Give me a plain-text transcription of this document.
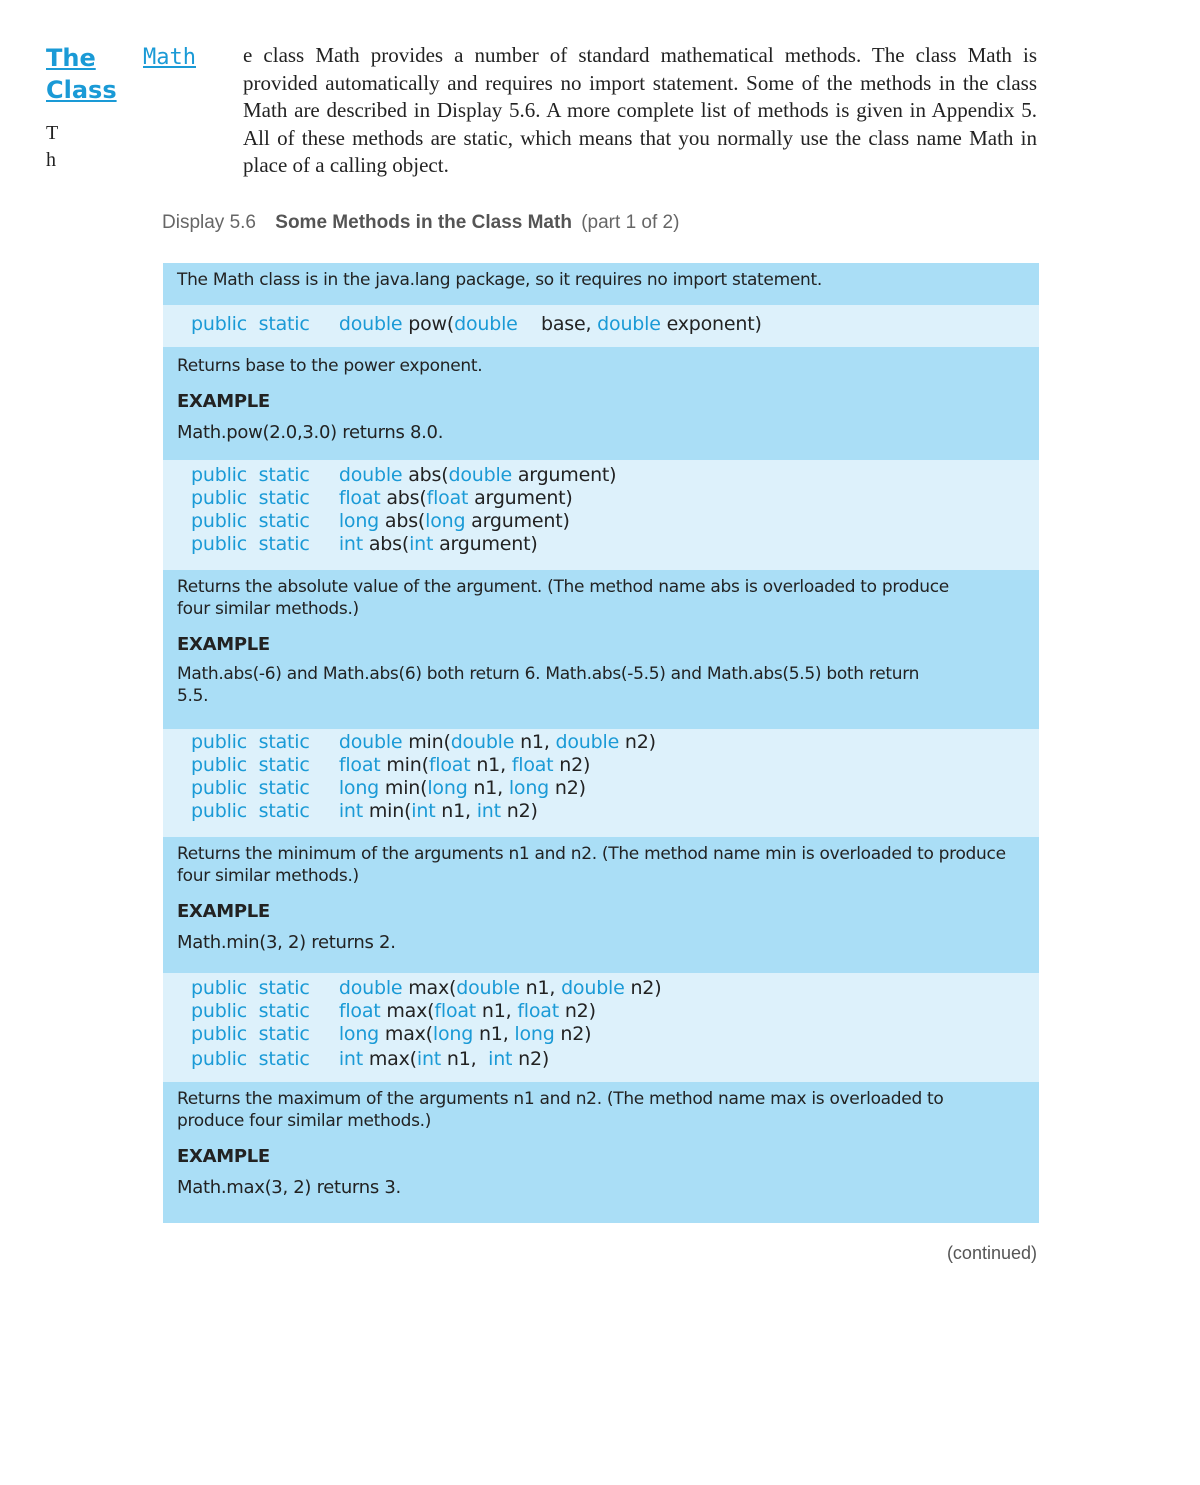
The Math
Class
T
h

e class Math provides a number of standard mathematical methods. The class Math is provided automatically and requires no import statement. Some of the methods in the class Math are described in Display 5.6. A more complete list of methods is given in Appendix 5. All of these methods are static, which means that you normally use the class name Math in place of a calling object.

Display 5.6 Some Methods in the Class Math (part 1 of 2)
The Math class is in the java.lang package, so it requires no import statement.
public static double pow(double    base, double exponent)
Returns base to the power exponent.
EXAMPLE
Math.pow(2.0,3.0) returns 8.0.
public static double abs(double argument)
public static float abs(float argument)
public static long abs(long argument)
public static int abs(int argument)
Returns the absolute value of the argument. (The method name abs is overloaded to produce four similar methods.)
EXAMPLE
Math.abs(-6) and Math.abs(6) both return 6. Math.abs(-5.5) and Math.abs(5.5) both return 5.5.
public static double min(double n1, double n2)
public static float min(float n1, float n2)
public static long min(long n1, long n2)
public static int min(int n1, int n2)
Returns the minimum of the arguments n1 and n2. (The method name min is overloaded to produce four similar methods.)
EXAMPLE
Math.min(3, 2) returns 2.
public static double max(double n1, double n2)
public static float max(float n1, float n2)
public static long max(long n1, long n2)
public static int max(int n1,  int n2)
Returns the maximum of the arguments n1 and n2. (The method name max is overloaded to produce four similar methods.)
EXAMPLE
Math.max(3, 2) returns 3.
(continued)
